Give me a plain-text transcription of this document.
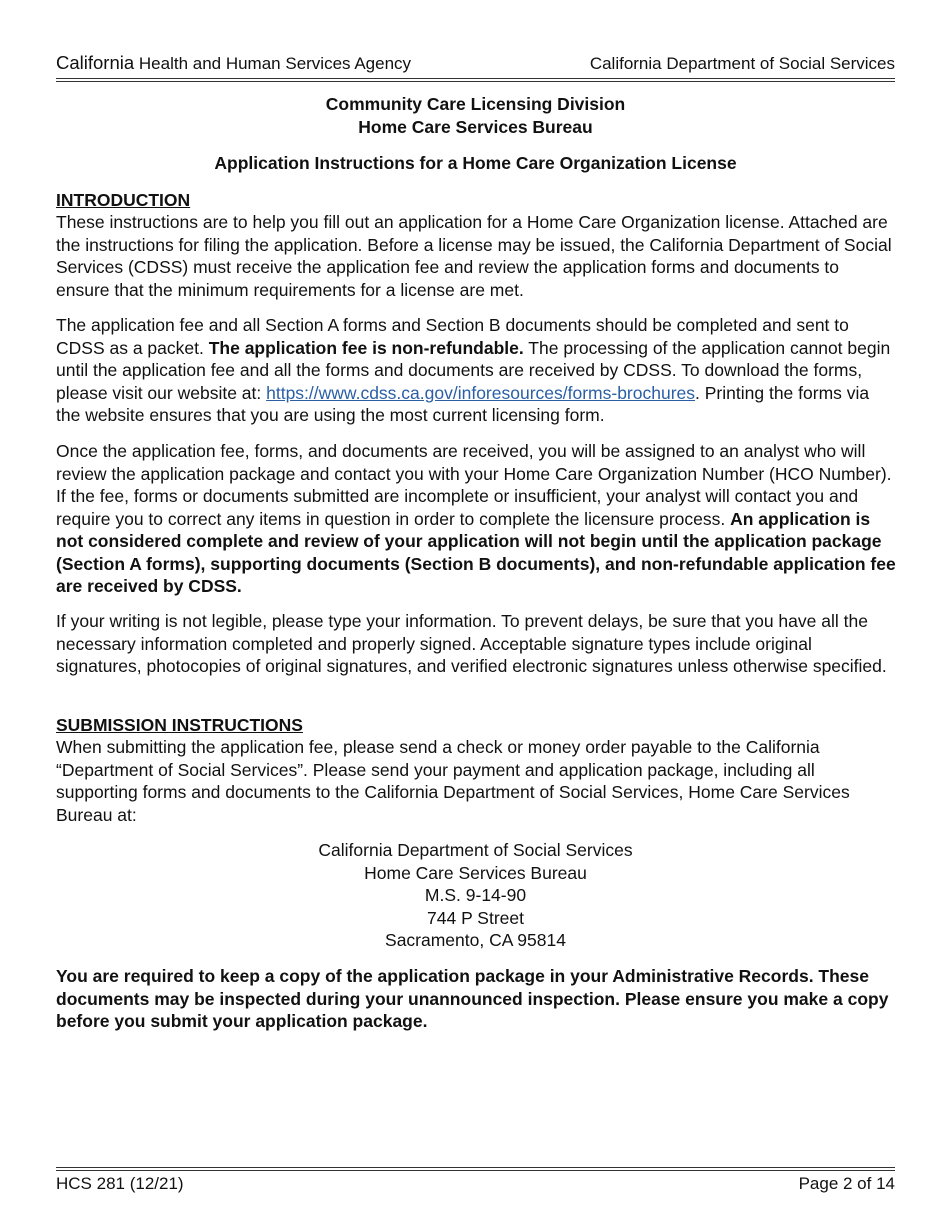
California Health and Human Services Agency	California Department of Social Services
Community Care Licensing Division
Home Care Services Bureau
Application Instructions for a Home Care Organization License
INTRODUCTION
These instructions are to help you fill out an application for a Home Care Organization license. Attached are the instructions for filing the application. Before a license may be issued, the California Department of Social Services (CDSS) must receive the application fee and review the application forms and documents to ensure that the minimum requirements for a license are met.
The application fee and all Section A forms and Section B documents should be completed and sent to CDSS as a packet. The application fee is non-refundable. The processing of the application cannot begin until the application fee and all the forms and documents are received by CDSS. To download the forms, please visit our website at: https://www.cdss.ca.gov/inforesources/forms-brochures. Printing the forms via the website ensures that you are using the most current licensing form.
Once the application fee, forms, and documents are received, you will be assigned to an analyst who will review the application package and contact you with your Home Care Organization Number (HCO Number). If the fee, forms or documents submitted are incomplete or insufficient, your analyst will contact you and require you to correct any items in question in order to complete the licensure process. An application is not considered complete and review of your application will not begin until the application package (Section A forms), supporting documents (Section B documents), and non-refundable application fee are received by CDSS.
If your writing is not legible, please type your information. To prevent delays, be sure that you have all the necessary information completed and properly signed. Acceptable signature types include original signatures, photocopies of original signatures, and verified electronic signatures unless otherwise specified.
SUBMISSION INSTRUCTIONS
When submitting the application fee, please send a check or money order payable to the California “Department of Social Services”. Please send your payment and application package, including all supporting forms and documents to the California Department of Social Services, Home Care Services Bureau at:
California Department of Social Services
Home Care Services Bureau
M.S. 9-14-90
744 P Street
Sacramento, CA 95814
You are required to keep a copy of the application package in your Administrative Records. These documents may be inspected during your unannounced inspection. Please ensure you make a copy before you submit your application package.
HCS 281 (12/21)	Page 2 of 14
